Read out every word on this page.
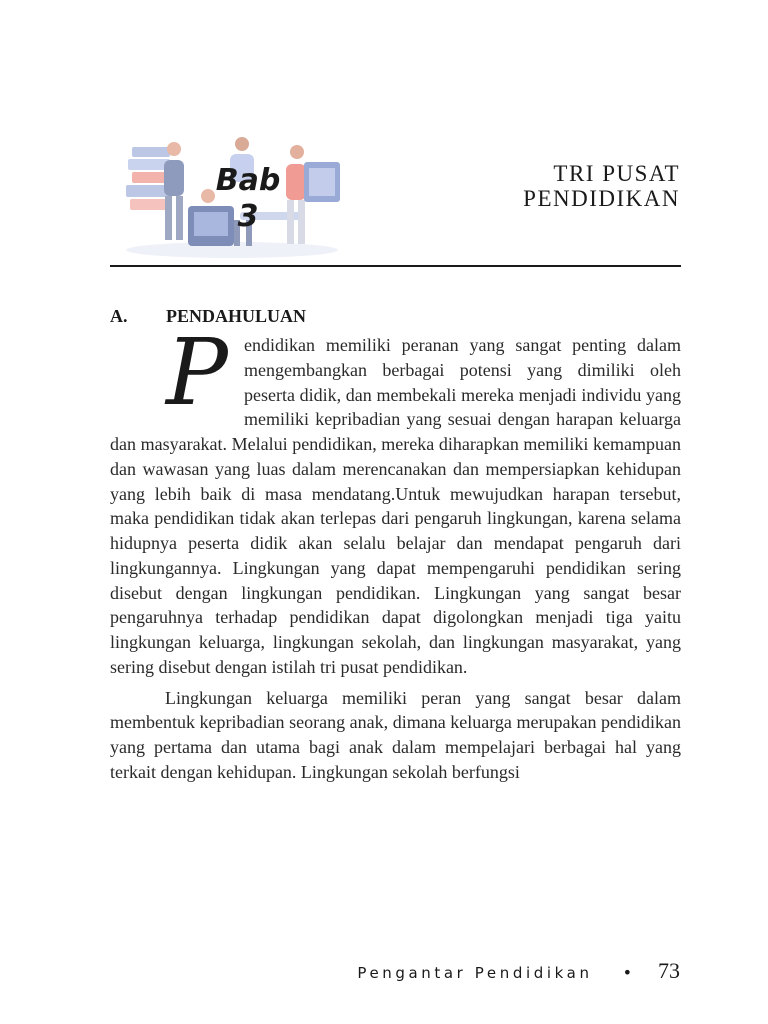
Bab
3
TRI PUSAT
PENDIDIKAN
A. PENDAHULUAN

Pendidikan memiliki peranan yang sangat penting dalam mengembangkan berbagai potensi yang dimiliki oleh peserta didik, dan membekali mereka menjadi individu yang memiliki kepribadian yang sesuai dengan harapan keluarga dan masyarakat. Melalui pendidikan, mereka diharapkan memiliki kemampuan dan wawasan yang luas dalam merencanakan dan mempersiapkan kehidupan yang lebih baik di masa mendatang.Untuk mewujudkan harapan tersebut, maka pendidikan tidak akan terlepas dari pengaruh lingkungan, karena selama hidupnya peserta didik akan selalu belajar dan mendapat pengaruh dari lingkungannya. Lingkungan yang dapat mempengaruhi pendidikan sering disebut dengan lingkungan pendidikan. Lingkungan yang sangat besar pengaruhnya terhadap pendidikan dapat digolongkan menjadi tiga yaitu lingkungan keluarga, lingkungan sekolah, dan lingkungan masyarakat, yang sering disebut dengan istilah tri pusat pendidikan.

Lingkungan keluarga memiliki peran yang sangat besar dalam membentuk kepribadian seorang anak, dimana keluarga merupakan pendidikan yang pertama dan utama bagi anak dalam mempelajari berbagai hal yang terkait dengan kehidupan. Lingkungan sekolah berfungsi

Pengantar Pendidikan • 73
